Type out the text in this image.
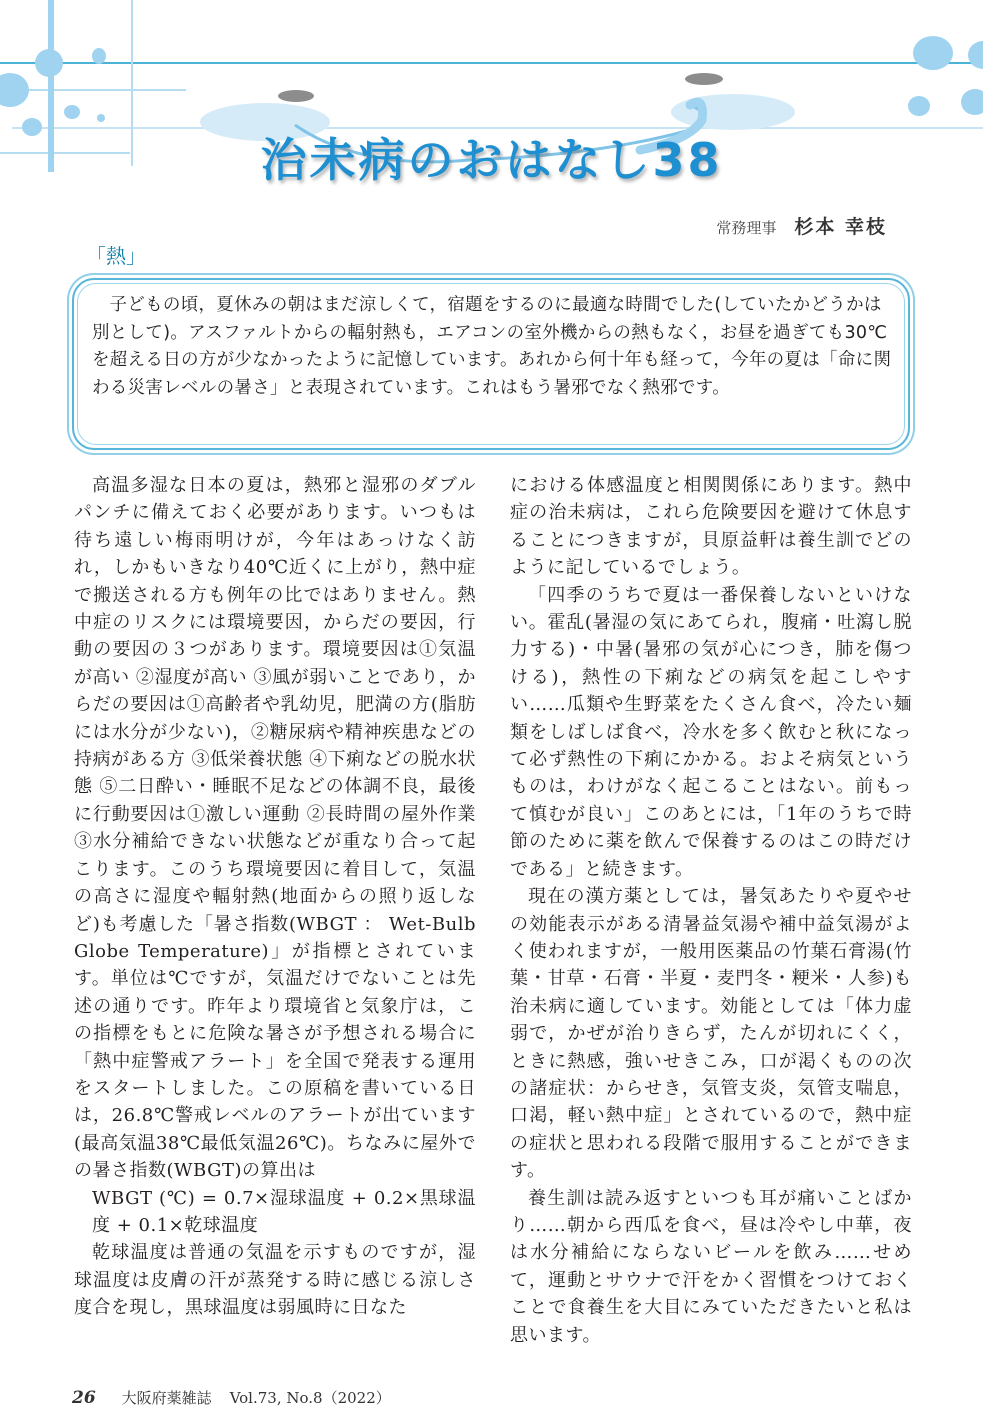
治未病のおはなし38
常務理事 杉本 幸枝
「熱」
子どもの頃，夏休みの朝はまだ涼しくて，宿題をするのに最適な時間でした(していたかどうかは別として)。アスファルトからの輻射熱も，エアコンの室外機からの熱もなく，お昼を過ぎても30℃を超える日の方が少なかったように記憶しています。あれから何十年も経って，今年の夏は「命に関わる災害レベルの暑さ」と表現されています。これはもう暑邪でなく熱邪です。

高温多湿な日本の夏は，熱邪と湿邪のダブルパンチに備えておく必要があります。いつもは待ち遠しい梅雨明けが，今年はあっけなく訪れ，しかもいきなり40℃近くに上がり，熱中症で搬送される方も例年の比ではありません。熱中症のリスクには環境要因，からだの要因，行動の要因の３つがあります。環境要因は①気温が高い ②湿度が高い ③風が弱いことであり，からだの要因は①高齢者や乳幼児，肥満の方(脂肪には水分が少ない)，②糖尿病や精神疾患などの持病がある方 ③低栄養状態 ④下痢などの脱水状態 ⑤二日酔い・睡眠不足などの体調不良，最後に行動要因は①激しい運動 ②長時間の屋外作業 ③水分補給できない状態などが重なり合って起こります。このうち環境要因に着目して，気温の高さに湿度や輻射熱(地面からの照り返しなど)も考慮した「暑さ指数(WBGT ： Wet-Bulb Globe Temperature)」が指標とされています。単位は℃ですが，気温だけでないことは先述の通りです。昨年より環境省と気象庁は，この指標をもとに危険な暑さが予想される場合に「熱中症警戒アラート」を全国で発表する運用をスタートしました。この原稿を書いている日は，26.8℃警戒レベルのアラートが出ています(最高気温38℃最低気温26℃)。ちなみに屋外での暑さ指数(WBGT)の算出は

WBGT (℃) = 0.7×湿球温度 + 0.2×黒球温度 + 0.1×乾球温度

乾球温度は普通の気温を示すものですが，湿球温度は皮膚の汗が蒸発する時に感じる涼しさ度合を現し，黒球温度は弱風時に日なた

における体感温度と相関関係にあります。熱中症の治未病は，これら危険要因を避けて休息することにつきますが，貝原益軒は養生訓でどのように記しているでしょう。

「四季のうちで夏は一番保養しないといけない。霍乱(暑湿の気にあてられ，腹痛・吐瀉し脱力する)・中暑(暑邪の気が心につき，肺を傷つける)，熱性の下痢などの病気を起こしやすい……瓜類や生野菜をたくさん食べ，冷たい麺類をしばしば食べ，冷水を多く飲むと秋になって必ず熱性の下痢にかかる。およそ病気というものは，わけがなく起こることはない。前もって慎むが良い」このあとには，「1年のうちで時節のために薬を飲んで保養するのはこの時だけである」と続きます。

現在の漢方薬としては，暑気あたりや夏やせの効能表示がある清暑益気湯や補中益気湯がよく使われますが，一般用医薬品の竹葉石膏湯(竹葉・甘草・石膏・半夏・麦門冬・粳米・人参)も治未病に適しています。効能としては「体力虚弱で，かぜが治りきらず，たんが切れにくく，ときに熱感，強いせきこみ，口が渇くものの次の諸症状：からせき，気管支炎，気管支喘息，口渇，軽い熱中症」とされているので，熱中症の症状と思われる段階で服用することができます。

養生訓は読み返すといつも耳が痛いことばかり……朝から西瓜を食べ，昼は冷やし中華，夜は水分補給にならないビールを飲み……せめて，運動とサウナで汗をかく習慣をつけておくことで食養生を大目にみていただきたいと私は思います。

26 大阪府薬雑誌 Vol.73, No.8（2022）
